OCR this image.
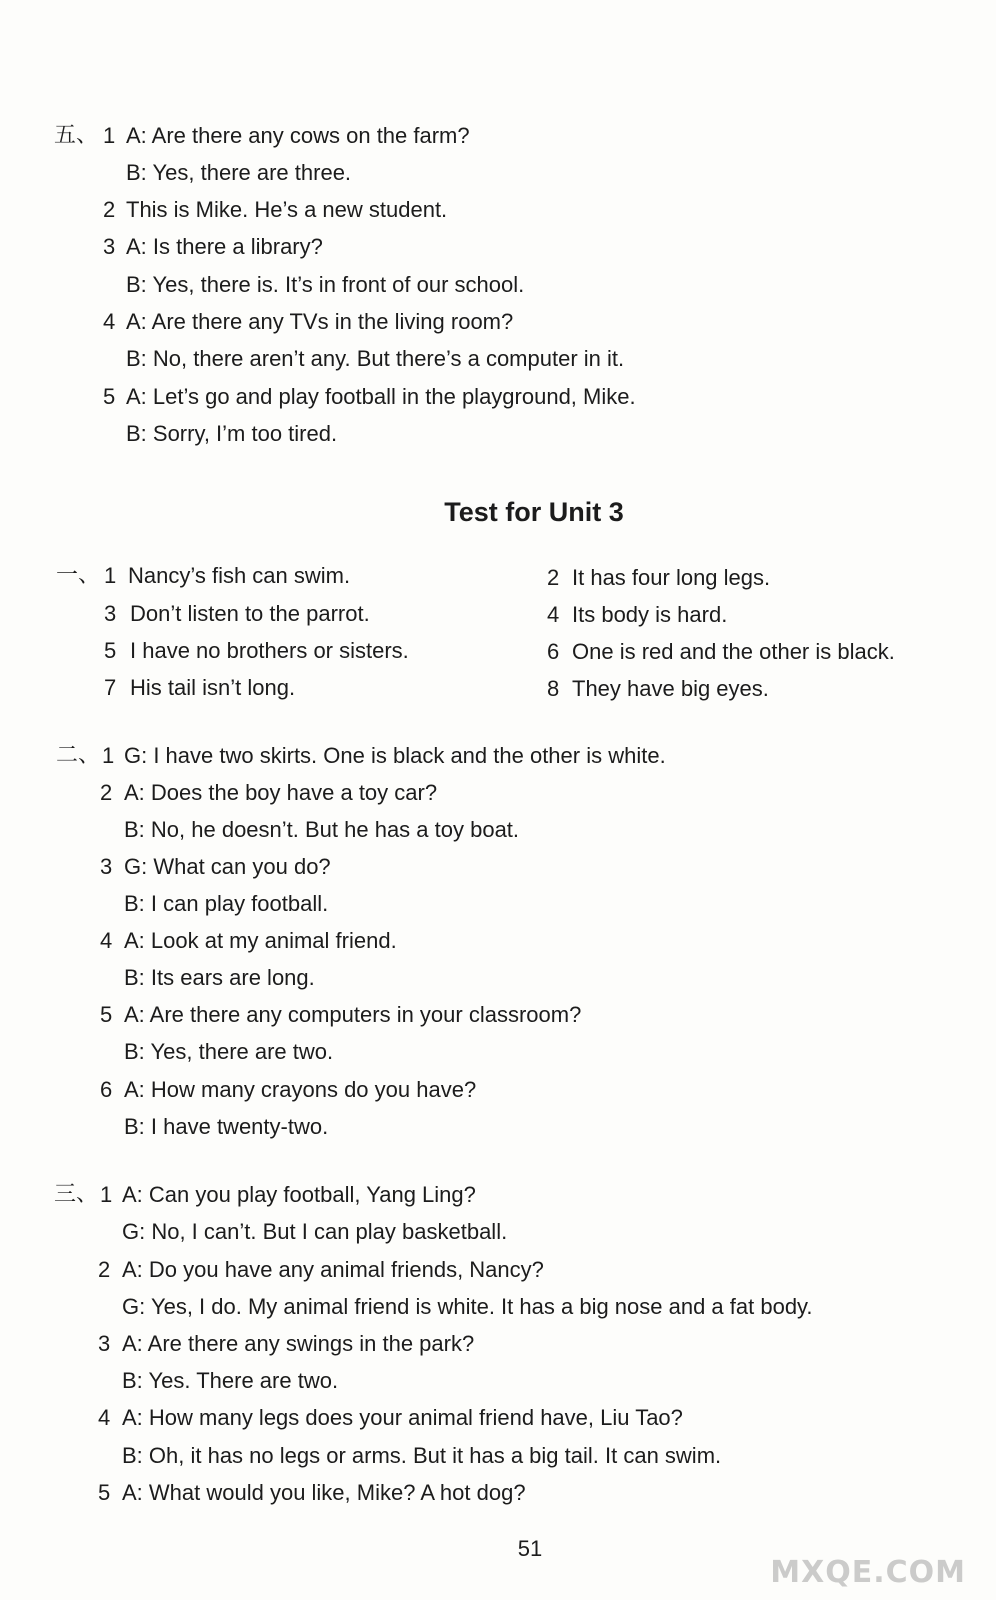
五、 1 A: Are there any cows on the farm?
B: Yes, there are three.
2 This is Mike. He’s a new student.
3 A: Is there a library?
B: Yes, there is. It’s in front of our school.
4 A: Are there any TVs in the living room?
B: No, there aren’t any. But there’s a computer in it.
5 A: Let’s go and play football in the playground, Mike.
B: Sorry, I’m too tired.
Test for Unit 3
一、 1 Nancy’s fish can swim.	2 It has four long legs.
3 Don’t listen to the parrot.	4 Its body is hard.
5 I have no brothers or sisters.	6 One is red and the other is black.
7 His tail isn’t long.	8 They have big eyes.
二、 1 G: I have two skirts. One is black and the other is white.
2 A: Does the boy have a toy car?
B: No, he doesn’t. But he has a toy boat.
3 G: What can you do?
B: I can play football.
4 A: Look at my animal friend.
B: Its ears are long.
5 A: Are there any computers in your classroom?
B: Yes, there are two.
6 A: How many crayons do you have?
B: I have twenty-two.
三、 1 A: Can you play football, Yang Ling?
G: No, I can’t. But I can play basketball.
2 A: Do you have any animal friends, Nancy?
G: Yes, I do. My animal friend is white. It has a big nose and a fat body.
3 A: Are there any swings in the park?
B: Yes. There are two.
4 A: How many legs does your animal friend have, Liu Tao?
B: Oh, it has no legs or arms. But it has a big tail. It can swim.
5 A: What would you like, Mike? A hot dog?
51
MXQE.COM
